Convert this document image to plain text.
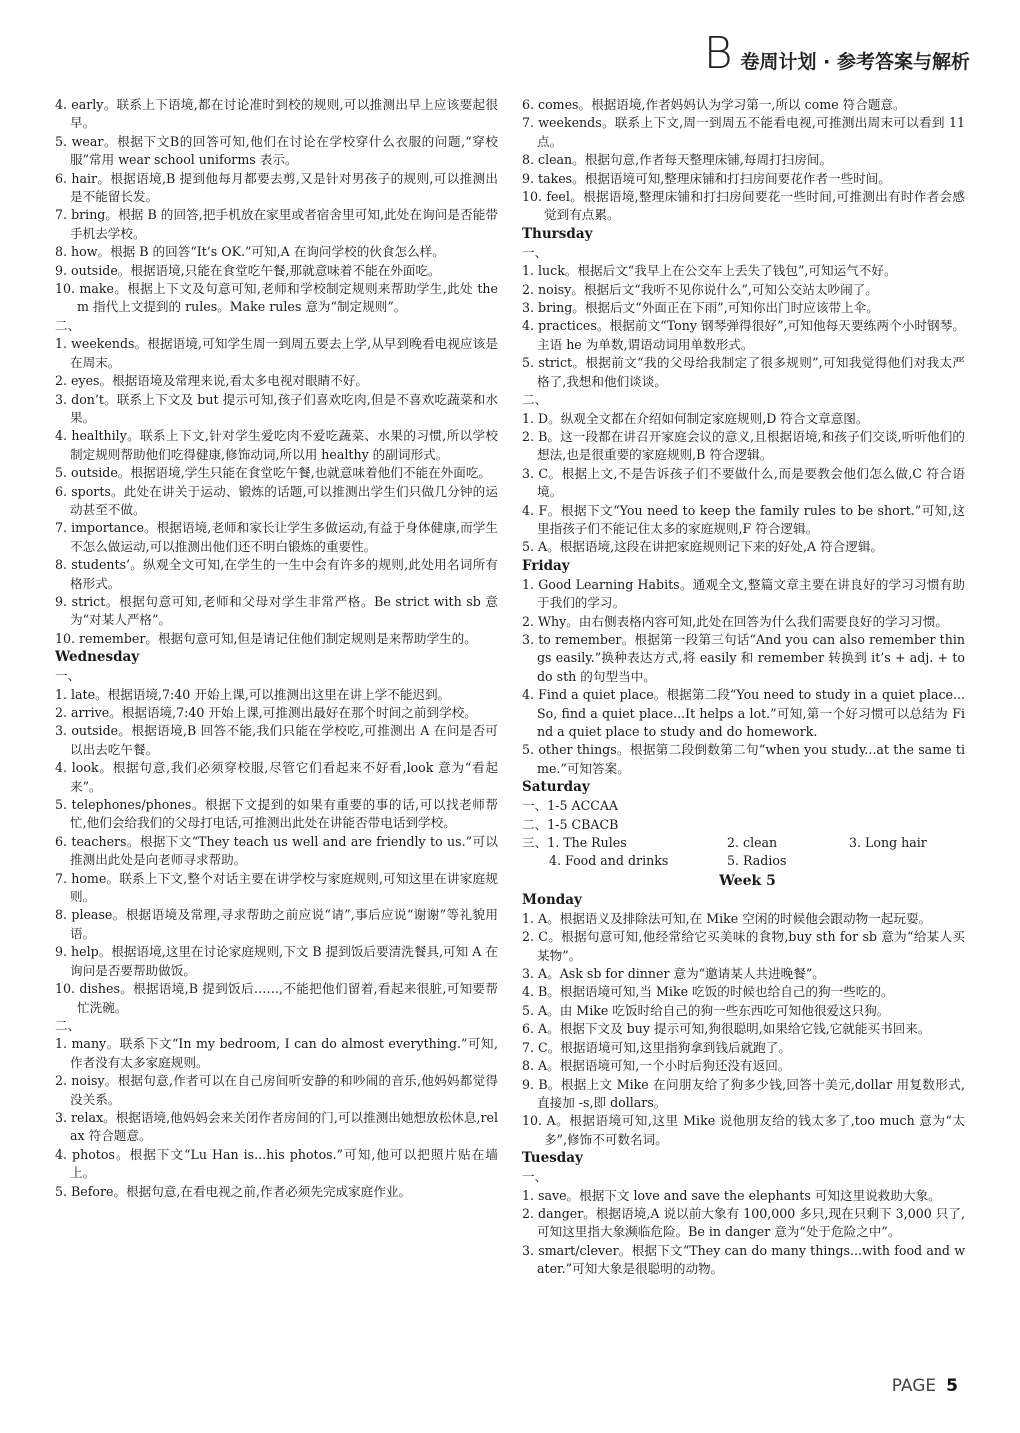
B 卷周计划 · 参考答案与解析
4. early。联系上下语境,都在讨论准时到校的规则,可以推测出早上应该要起很早。
5. wear。根据下文B的回答可知,他们在讨论在学校穿什么衣服的问题,“穿校服”常用 wear school uniforms 表示。
6. hair。根据语境,B 提到他每月都要去剪,又是针对男孩子的规则,可以推测出是不能留长发。
7. bring。根据 B 的回答,把手机放在家里或者宿舍里可知,此处在询问是否能带手机去学校。
8. how。根据 B 的回答“It’s OK.”可知,A 在询问学校的伙食怎么样。
9. outside。根据语境,只能在食堂吃午餐,那就意味着不能在外面吃。
10. make。根据上下文及句意可知,老师和学校制定规则来帮助学生,此处 them 指代上文提到的 rules。Make rules 意为“制定规则”。
二、
1. weekends。根据语境,可知学生周一到周五要去上学,从早到晚看电视应该是在周末。
2. eyes。根据语境及常理来说,看太多电视对眼睛不好。
3. don’t。联系上下文及 but 提示可知,孩子们喜欢吃肉,但是不喜欢吃蔬菜和水果。
4. healthily。联系上下文,针对学生爱吃肉不爱吃蔬菜、水果的习惯,所以学校制定规则帮助他们吃得健康,修饰动词,所以用 healthy 的副词形式。
5. outside。根据语境,学生只能在食堂吃午餐,也就意味着他们不能在外面吃。
6. sports。此处在讲关于运动、锻炼的话题,可以推测出学生们只做几分钟的运动甚至不做。
7. importance。根据语境,老师和家长让学生多做运动,有益于身体健康,而学生不怎么做运动,可以推测出他们还不明白锻炼的重要性。
8. students’。纵观全文可知,在学生的一生中会有许多的规则,此处用名词所有格形式。
9. strict。根据句意可知,老师和父母对学生非常严格。Be strict with sb 意为“对某人严格”。
10. remember。根据句意可知,但是请记住他们制定规则是来帮助学生的。
Wednesday
一、
1. late。根据语境,7:40 开始上课,可以推测出这里在讲上学不能迟到。
2. arrive。根据语境,7:40 开始上课,可推测出最好在那个时间之前到学校。
3. outside。根据语境,B 回答不能,我们只能在学校吃,可推测出 A 在问是否可以出去吃午餐。
4. look。根据句意,我们必须穿校服,尽管它们看起来不好看,look 意为“看起来”。
5. telephones/phones。根据下文提到的如果有重要的事的话,可以找老师帮忙,他们会给我们的父母打电话,可推测出此处在讲能否带电话到学校。
6. teachers。根据下文“They teach us well and are friendly to us.”可以推测出此处是向老师寻求帮助。
7. home。联系上下文,整个对话主要在讲学校与家庭规则,可知这里在讲家庭规则。
8. please。根据语境及常理,寻求帮助之前应说“请”,事后应说“谢谢”等礼貌用语。
9. help。根据语境,这里在讨论家庭规则,下文 B 提到饭后要清洗餐具,可知 A 在询问是否要帮助做饭。
10. dishes。根据语境,B 提到饭后……,不能把他们留着,看起来很脏,可知要帮忙洗碗。
二、
1. many。联系下文“In my bedroom, I can do almost everything.”可知,作者没有太多家庭规则。
2. noisy。根据句意,作者可以在自己房间听安静的和吵闹的音乐,他妈妈都觉得没关系。
3. relax。根据语境,他妈妈会来关闭作者房间的门,可以推测出她想放松休息,relax 符合题意。
4. photos。根据下文“Lu Han is...his photos.”可知,他可以把照片贴在墙上。
5. Before。根据句意,在看电视之前,作者必须先完成家庭作业。
6. comes。根据语境,作者妈妈认为学习第一,所以 come 符合题意。
7. weekends。联系上下文,周一到周五不能看电视,可推测出周末可以看到 11 点。
8. clean。根据句意,作者每天整理床铺,每周打扫房间。
9. takes。根据语境可知,整理床铺和打扫房间要花作者一些时间。
10. feel。根据语境,整理床铺和打扫房间要花一些时间,可推测出有时作者会感觉到有点累。
Thursday
一、
1. luck。根据后文“我早上在公交车上丢失了钱包”,可知运气不好。
2. noisy。根据后文“我听不见你说什么”,可知公交站太吵闹了。
3. bring。根据后文“外面正在下雨”,可知你出门时应该带上伞。
4. practices。根据前文“Tony 钢琴弹得很好”,可知他每天要练两个小时钢琴。主语 he 为单数,谓语动词用单数形式。
5. strict。根据前文“我的父母给我制定了很多规则”,可知我觉得他们对我太严格了,我想和他们谈谈。
二、
1. D。纵观全文都在介绍如何制定家庭规则,D 符合文章意图。
2. B。这一段都在讲召开家庭会议的意义,且根据语境,和孩子们交谈,听听他们的想法,也是很重要的家庭规则,B 符合逻辑。
3. C。根据上文,不是告诉孩子们不要做什么,而是要教会他们怎么做,C 符合语境。
4. F。根据下文“You need to keep the family rules to be short.”可知,这里指孩子们不能记住太多的家庭规则,F 符合逻辑。
5. A。根据语境,这段在讲把家庭规则记下来的好处,A 符合逻辑。
Friday
1. Good Learning Habits。通观全文,整篇文章主要在讲良好的学习习惯有助于我们的学习。
2. Why。由右侧表格内容可知,此处在回答为什么我们需要良好的学习习惯。
3. to remember。根据第一段第三句话“And you can also remember things easily.”换种表达方式,将 easily 和 remember 转换到 it’s + adj. + to do sth 的句型当中。
4. Find a quiet place。根据第二段“You need to study in a quiet place... So, find a quiet place...It helps a lot.”可知,第一个好习惯可以总结为 Find a quiet place to study and do homework.
5. other things。根据第二段倒数第二句“when you study...at the same time.”可知答案。
Saturday
一、1-5 ACCAA
二、1-5 CBACB
三、1. The Rules	2. clean	3. Long hair
4. Food and drinks	5. Radios
Week 5
Monday
1. A。根据语义及排除法可知,在 Mike 空闲的时候他会跟动物一起玩耍。
2. C。根据句意可知,他经常给它买美味的食物,buy sth for sb 意为“给某人买某物”。
3. A。Ask sb for dinner 意为“邀请某人共进晚餐”。
4. B。根据语境可知,当 Mike 吃饭的时候也给自己的狗一些吃的。
5. A。由 Mike 吃饭时给自己的狗一些东西吃可知他很爱这只狗。
6. A。根据下文及 buy 提示可知,狗很聪明,如果给它钱,它就能买书回来。
7. C。根据语境可知,这里指狗拿到钱后就跑了。
8. A。根据语境可知,一个小时后狗还没有返回。
9. B。根据上文 Mike 在问朋友给了狗多少钱,回答十美元,dollar 用复数形式,直接加 -s,即 dollars。
10. A。根据语境可知,这里 Mike 说他朋友给的钱太多了,too much 意为“太多”,修饰不可数名词。
Tuesday
一、
1. save。根据下文 love and save the elephants 可知这里说救助大象。
2. danger。根据语境,A 说以前大象有 100,000 多只,现在只剩下 3,000 只了,可知这里指大象濒临危险。Be in danger 意为“处于危险之中”。
3. smart/clever。根据下文“They can do many things...with food and water.”可知大象是很聪明的动物。
PAGE 5
